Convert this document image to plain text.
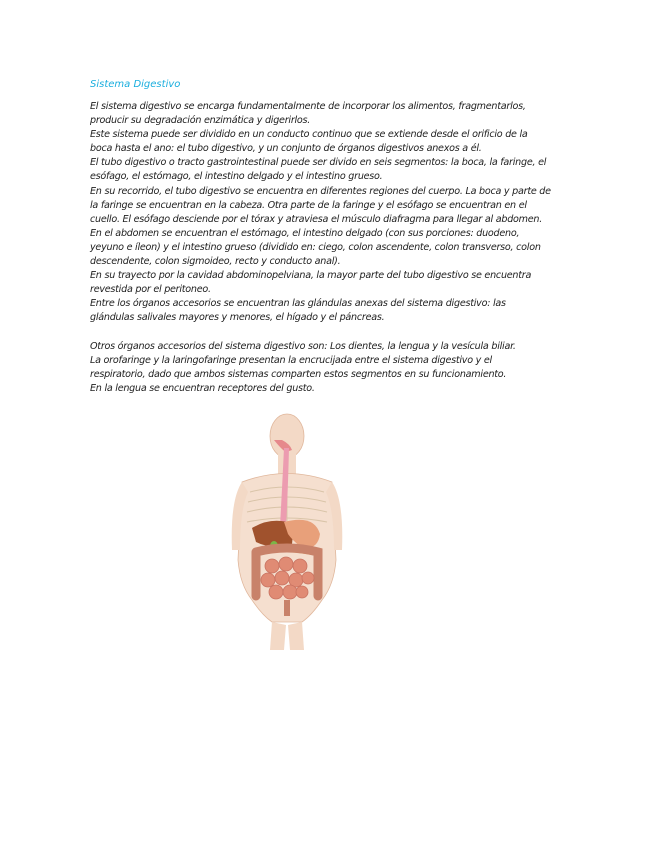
Sistema Digestivo
El sistema digestivo se encarga fundamentalmente de incorporar los alimentos, fragmentarlos,
producir su degradación enzimática y digerirlos.
Este sistema puede ser dividido en un conducto continuo que se extiende desde el orificio de la
boca hasta el ano: el tubo digestivo, y un conjunto de órganos digestivos anexos a él.
El tubo digestivo o tracto gastrointestinal puede ser divido en seis segmentos: la boca, la faringe, el
esófago, el estómago, el intestino delgado y el intestino grueso.
En su recorrido, el tubo digestivo se encuentra en diferentes regiones del cuerpo. La boca y parte de
la faringe se encuentran en la cabeza. Otra parte de la faringe y el esófago se encuentran en el
cuello. El esófago desciende por el tórax y atraviesa el músculo diafragma para llegar al abdomen.
En el abdomen se encuentran el estómago, el intestino delgado (con sus porciones: duodeno,
yeyuno e íleon) y el intestino grueso (dividido en: ciego, colon ascendente, colon transverso, colon
descendente, colon sigmoideo, recto y conducto anal).
En su trayecto por la cavidad abdominopelviana, la mayor parte del tubo digestivo se encuentra
revestida por el peritoneo.
Entre los órganos accesorios se encuentran las glándulas anexas del sistema digestivo: las
glándulas salivales mayores y menores, el hígado y el páncreas.
Otros órganos accesorios del sistema digestivo son: Los dientes, la lengua y la vesícula biliar.
La orofaringe y la laringofaringe presentan la encrucijada entre el sistema digestivo y el
respiratorio, dado que ambos sistemas comparten estos segmentos en su funcionamiento.
En la lengua se encuentran receptores del gusto.
